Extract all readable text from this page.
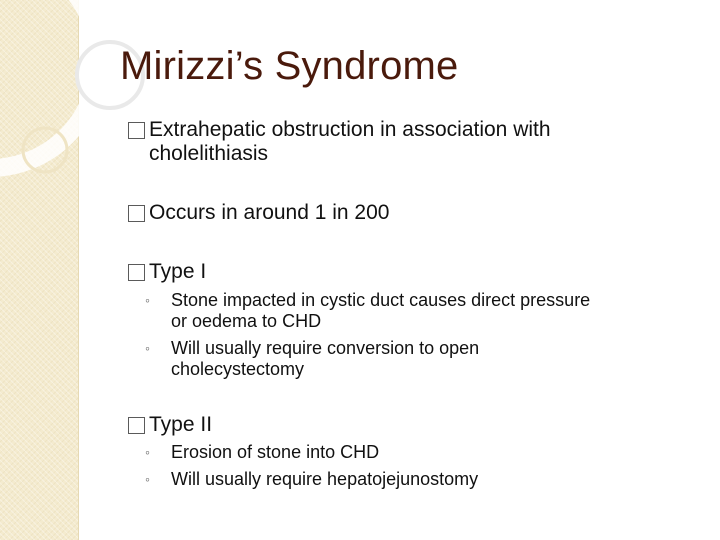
Mirizzi’s Syndrome
Extrahepatic obstruction in association with
cholelithiasis
Occurs in around 1 in 200
Type I
◦	Stone impacted in cystic duct causes direct pressure
or oedema to CHD
◦	Will usually require conversion to open
cholecystectomy
Type II
◦	Erosion of stone into CHD
◦	Will usually require hepatojejunostomy
